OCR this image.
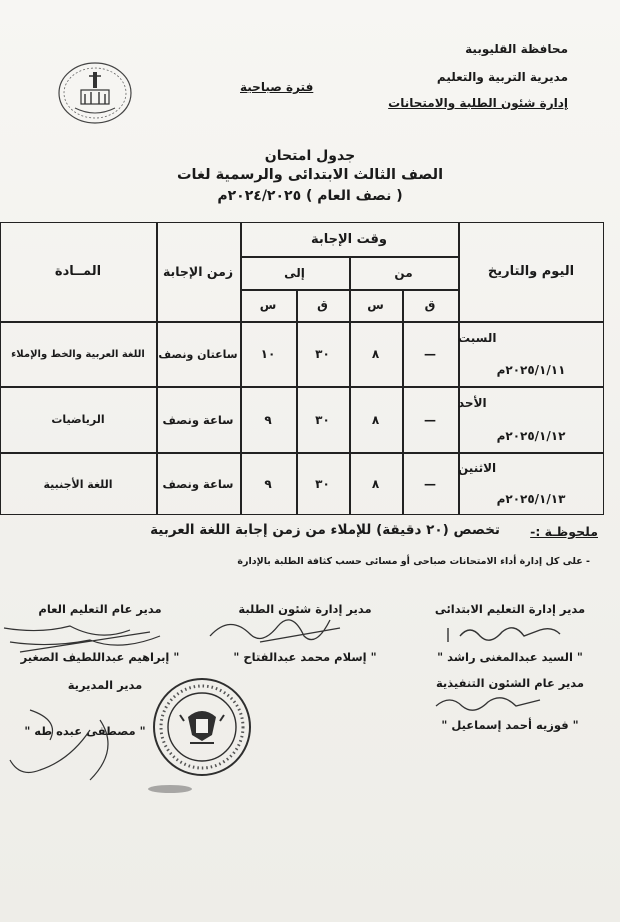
محافظة القليوبية
مديرية التربية والتعليم
إدارة شئون الطلبة والامتحانات
فترة صباحية
جدول امتحان
الصف الثالث الابتدائى والرسمية لغات
( نصف العام ) ٢٠٢٤/٢٠٢٥م
اليوم والتاريخ
وقت الإجابة
من
إلى
ق
س
ق
س
زمن الإجابة
المــادة
السبت
٢٠٢٥/١/١١م
—
٨
٣٠
١٠
ساعتان ونصف
اللغة العربية والخط والإملاء
الأحد
٢٠٢٥/١/١٢م
—
٨
٣٠
٩
ساعة ونصف
الرياضيات
الاثنين
٢٠٢٥/١/١٣م
—
٨
٣٠
٩
ساعة ونصف
اللغة الأجنبية
ملحوظـة :-
تخصص (٢٠ دقيقة) للإملاء من زمن إجابة اللغة العربية
- على كل إدارة أداء الامتحانات صباحى أو مسائى حسب كثافة الطلبة بالإدارة
مدير إدارة التعليم الابتدائى
مدير إدارة شئون الطلبة
مدير عام التعليم العام
" السيد عبدالمغنى راشد "
" إسلام محمد عبدالفتاح "
" إبراهيم عبداللطيف الصغير
مدير عام الشئون التنفيذية
مدير المديرية
" فوزيه أحمد إسماعيل "
" مصطفى عبده طه "
